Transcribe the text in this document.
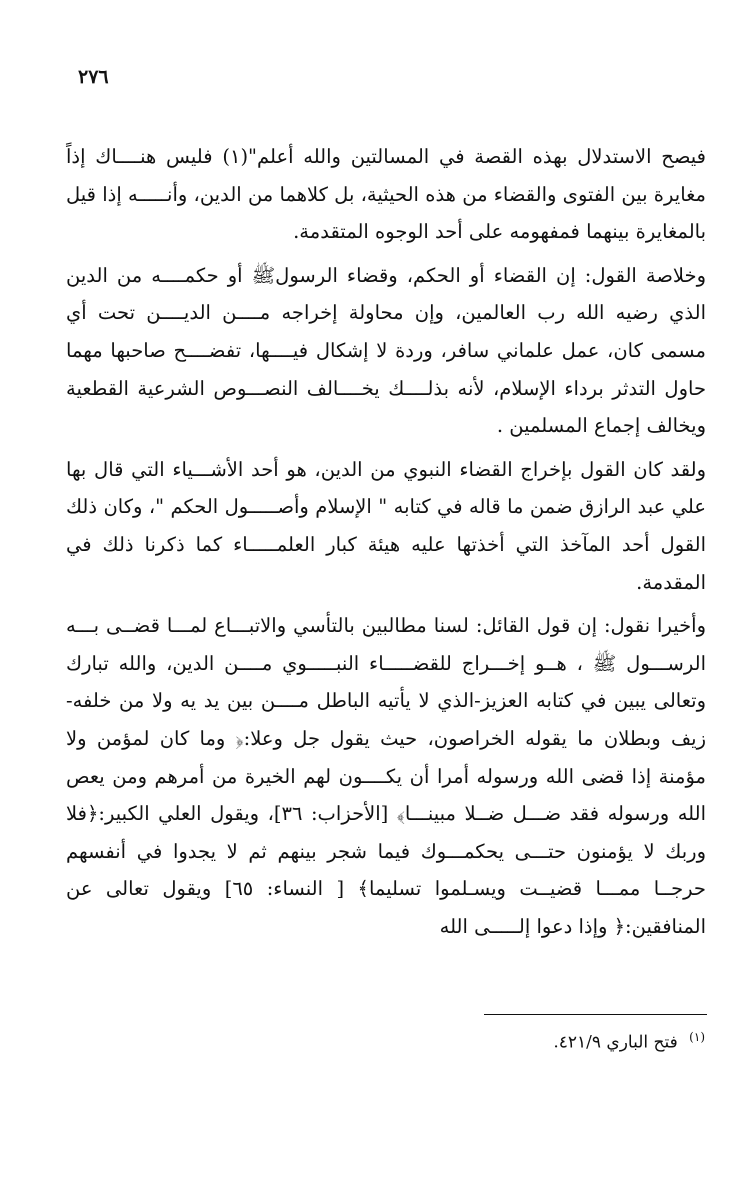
٢٧٦

فيصح الاستدلال بهذه القصة في المسالتين والله أعلم"(١) فليس هنــــاك إذاً مغايرة بين الفتوى والقضاء من هذه الحيثية، بل كلاهما من الدين، وأنـــــه إذا قيل بالمغايرة بينهما فمفهومه على أحد الوجوه المتقدمة.

وخلاصة القول: إن القضاء أو الحكم، وقضاء الرسولﷺ أو حكمــــه من الدين الذي رضيه الله رب العالمين، وإن محاولة إخراجه مــــن الديــــن تحت أي مسمى كان، عمل علماني سافر، وردة لا إشكال فيــــها، تفضــــح صاحبها مهما حاول التدثر برداء الإسلام، لأنه بذلــــك يخــــالف النصـــوص الشرعية القطعية ويخالف إجماع المسلمين .

ولقد كان القول بإخراج القضاء النبوي من الدين، هو أحد الأشـــياء التي قال بها علي عبد الرازق ضمن ما قاله في كتابه " الإسلام وأصـــــول الحكم "، وكان ذلك القول أحد المآخذ التي أخذتها عليه هيئة كبار العلمـــــاء كما ذكرنا ذلك في المقدمة.

وأخيرا نقول: إن قول القائل: لسنا مطالبين بالتأسي والاتبـــاع لمـــا قضــى بـــه الرســـول ﷺ ، هــو إخـــراج للقضـــــاء النبـــــوي مــــن الدين، والله تبارك وتعالى يبين في كتابه العزيز-الذي لا يأتيه الباطل مــــن بين يد يه ولا من خلفه-زيف وبطلان ما يقوله الخراصون، حيث يقول جل وعلا:﴿ وما كان لمؤمن ولا مؤمنة إذا قضى الله ورسوله أمرا أن يكــــون لهم الخيرة من أمرهم ومن يعص الله ورسوله فقد ضـــل ضــلا مبينـــا﴾ [الأحزاب: ٣٦]، ويقول العلي الكبير:﴿فلا وربك لا يؤمنون حتـــى يحكمـــوك فيما شجر بينهم ثم لا يجدوا في أنفسهم حرجــا ممـــا قضيــت ويسـلموا تسليما﴾ [ النساء: ٦٥] ويقول تعالى عن المنافقين:﴿ وإذا دعوا إلـــــى الله

$^{(١)}$ فتح الباري ٤٢١/٩.
